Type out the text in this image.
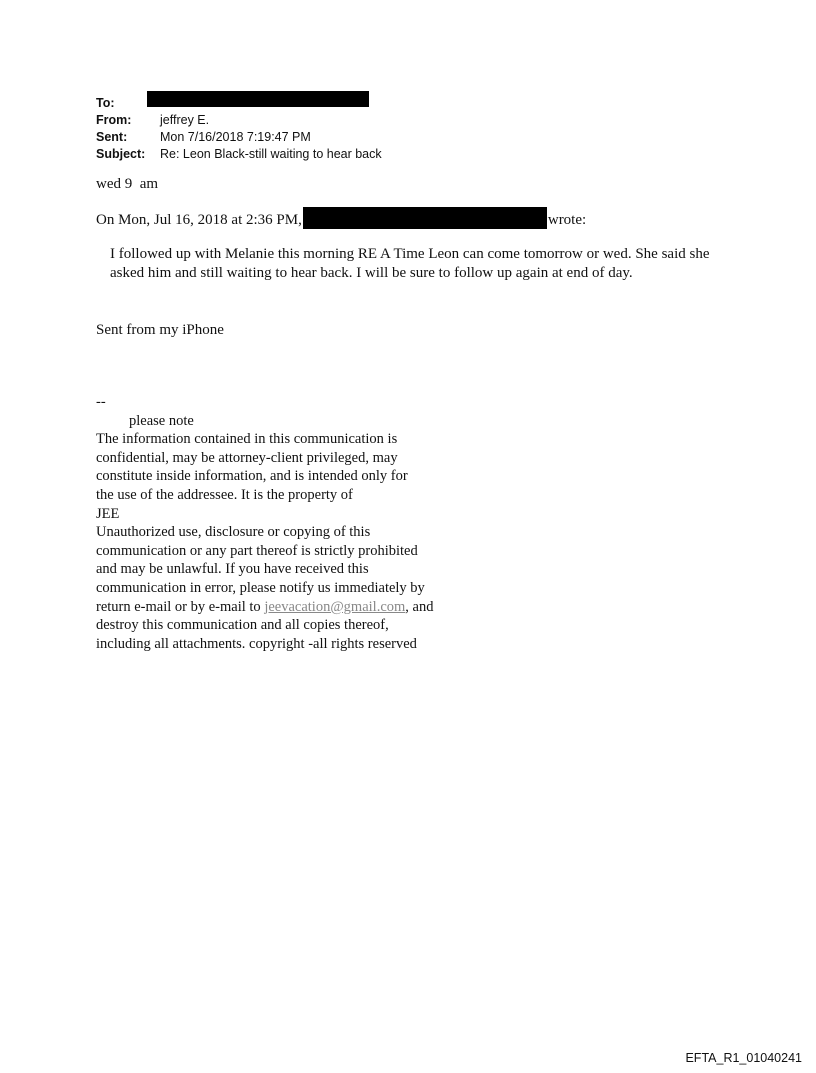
To:
From:	jeffrey E.
Sent:	Mon 7/16/2018 7:19:47 PM
Subject:	Re: Leon Black-still waiting to hear back
wed 9  am
On Mon, Jul 16, 2018 at 2:36 PM,	wrote:
I followed up with Melanie this morning RE A Time Leon can come tomorrow or wed. She said she asked him and still waiting to hear back. I will be sure to follow up again at end of day.
Sent from my iPhone
--
please note
The information contained in this communication is
confidential, may be attorney-client privileged, may
constitute inside information, and is intended only for
the use of the addressee. It is the property of
JEE
Unauthorized use, disclosure or copying of this
communication or any part thereof is strictly prohibited
and may be unlawful. If you have received this
communication in error, please notify us immediately by
return e-mail or by e-mail to jeevacation@gmail.com, and
destroy this communication and all copies thereof,
including all attachments. copyright -all rights reserved
EFTA_R1_01040241
